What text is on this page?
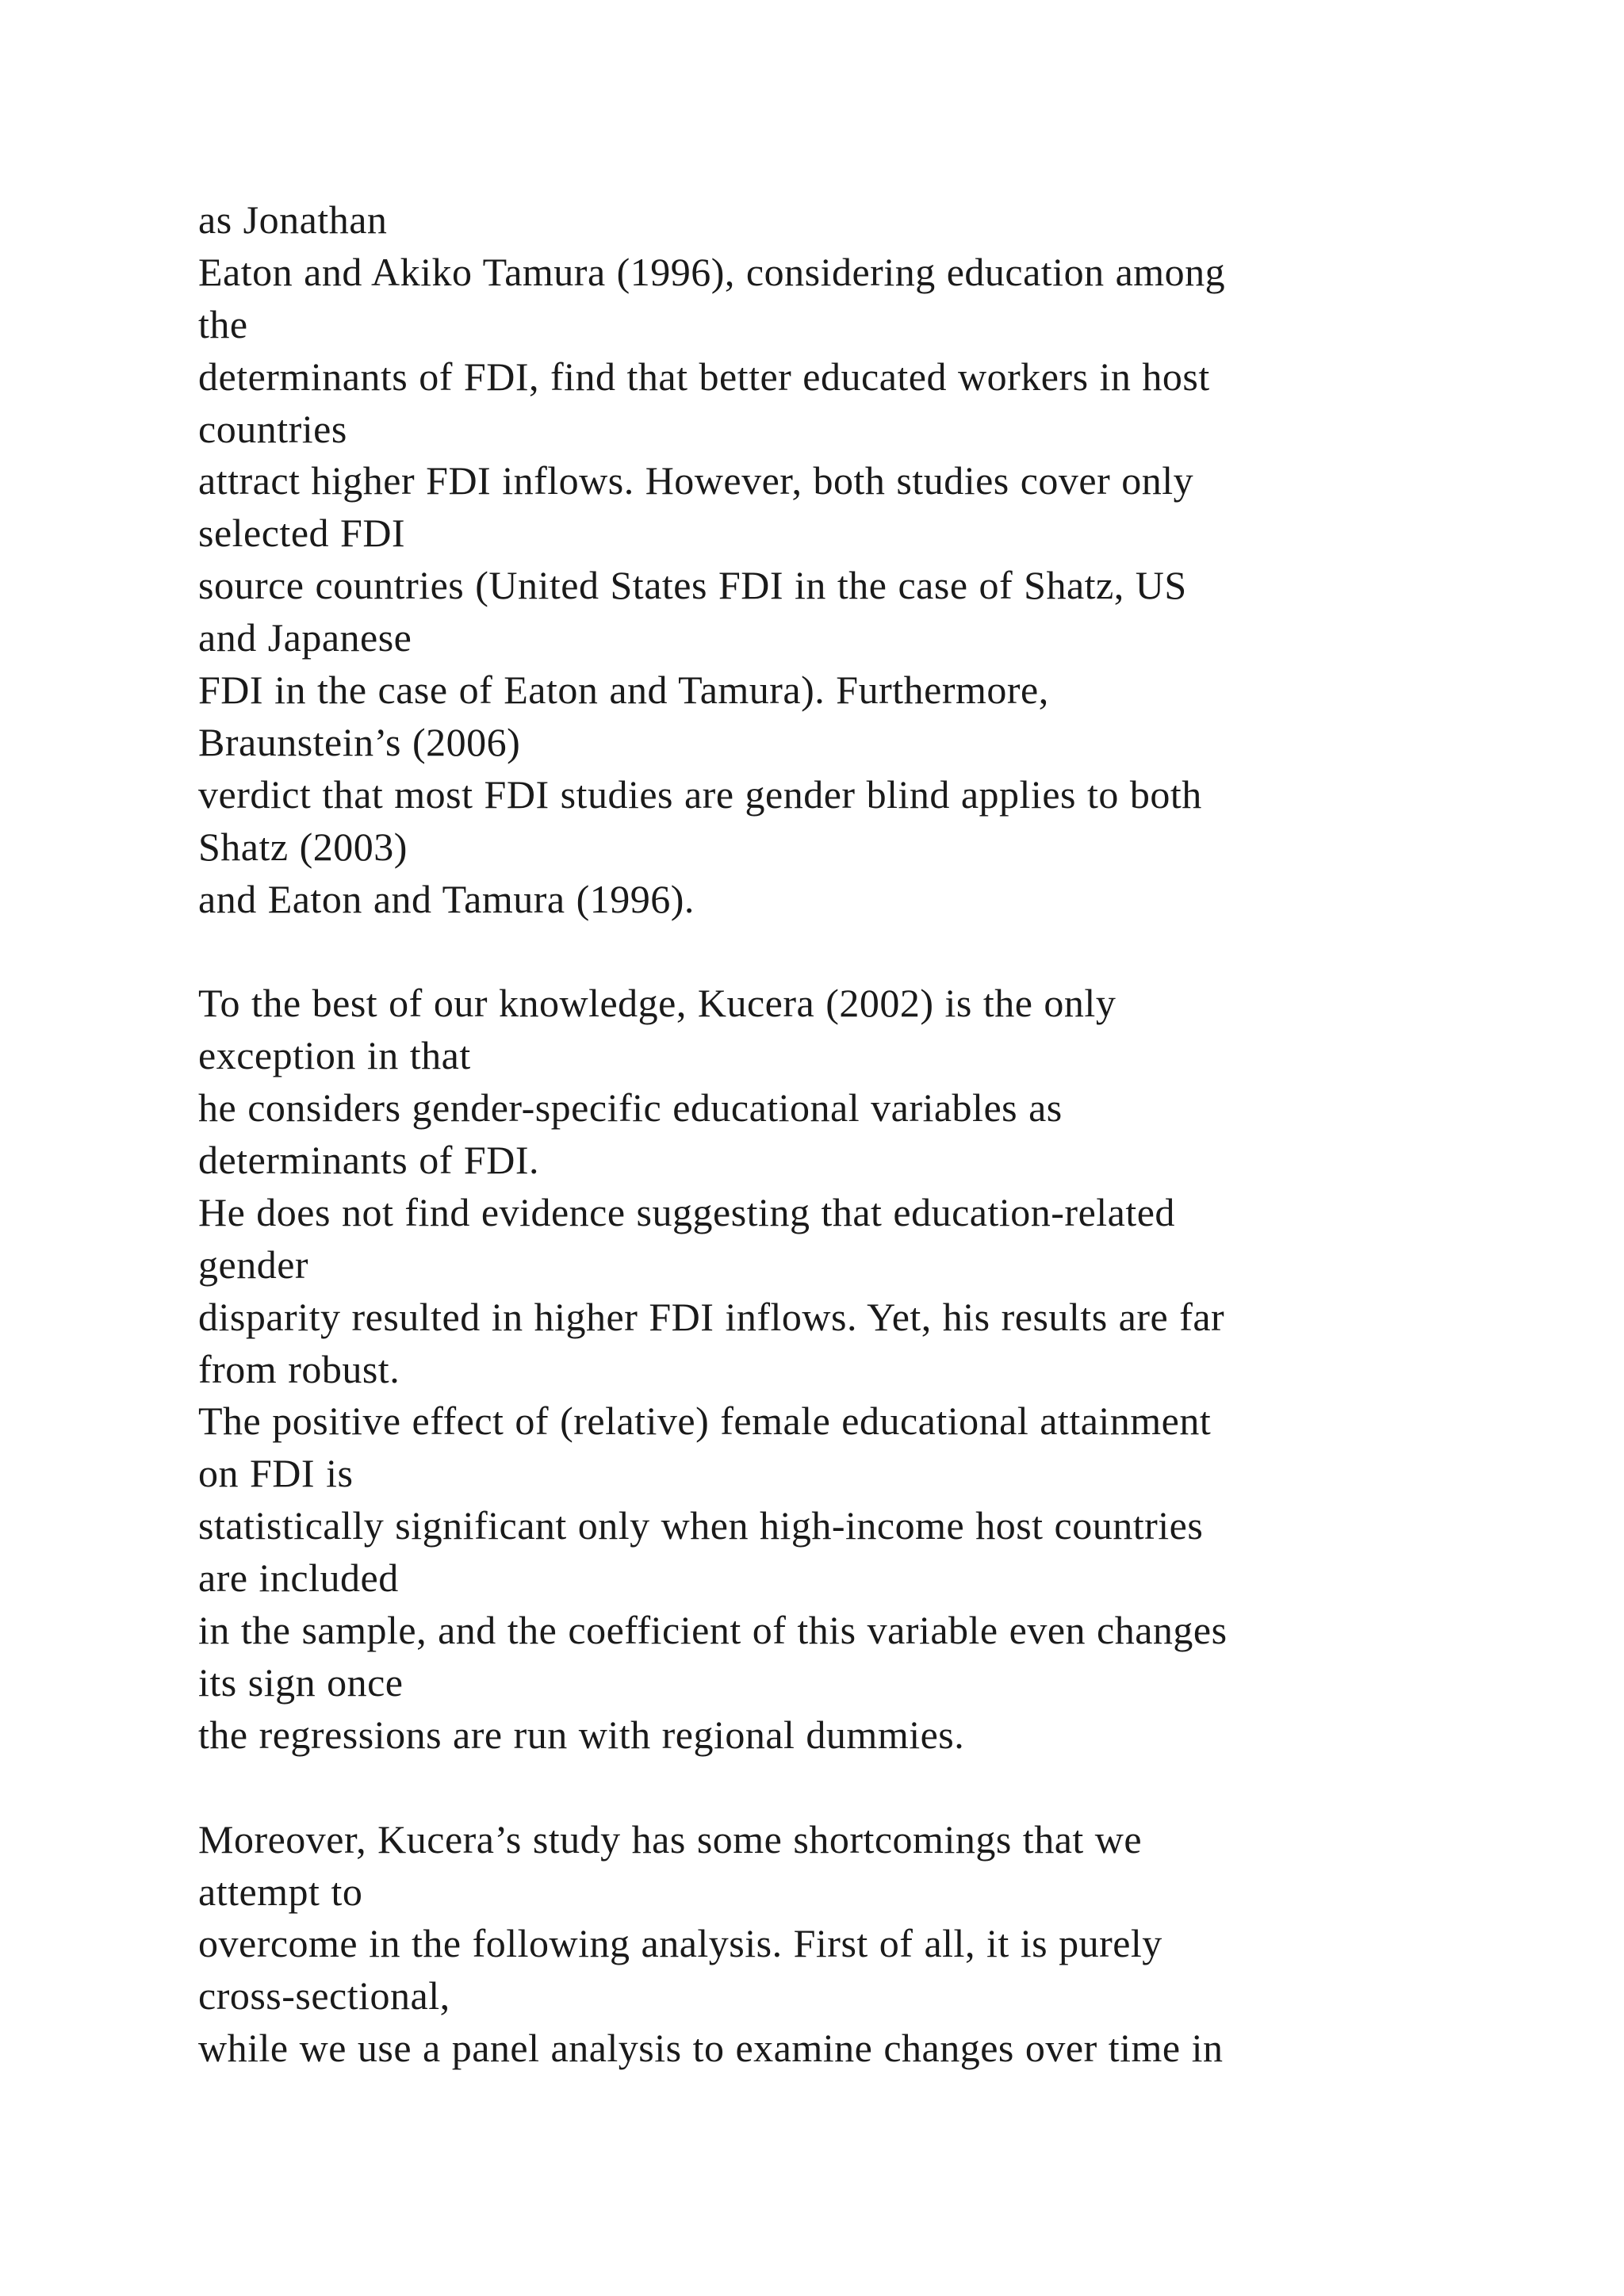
as Jonathan
Eaton and Akiko Tamura (1996), considering education among
the
determinants of FDI, find that better educated workers in host
countries
attract higher FDI inflows. However, both studies cover only
selected FDI
source countries (United States FDI in the case of Shatz, US
and Japanese
FDI in the case of Eaton and Tamura). Furthermore,
Braunstein’s (2006)
verdict that most FDI studies are gender blind applies to both
Shatz (2003)
and Eaton and Tamura (1996).
To the best of our knowledge, Kucera (2002) is the only
exception in that
he considers gender-specific educational variables as
determinants of FDI.
He does not find evidence suggesting that education-related
gender
disparity resulted in higher FDI inflows. Yet, his results are far
from robust.
The positive effect of (relative) female educational attainment
on FDI is
statistically significant only when high-income host countries
are included
in the sample, and the coefficient of this variable even changes
its sign once
the regressions are run with regional dummies.
Moreover, Kucera’s study has some shortcomings that we
attempt to
overcome in the following analysis. First of all, it is purely
cross-sectional,
while we use a panel analysis to examine changes over time in
